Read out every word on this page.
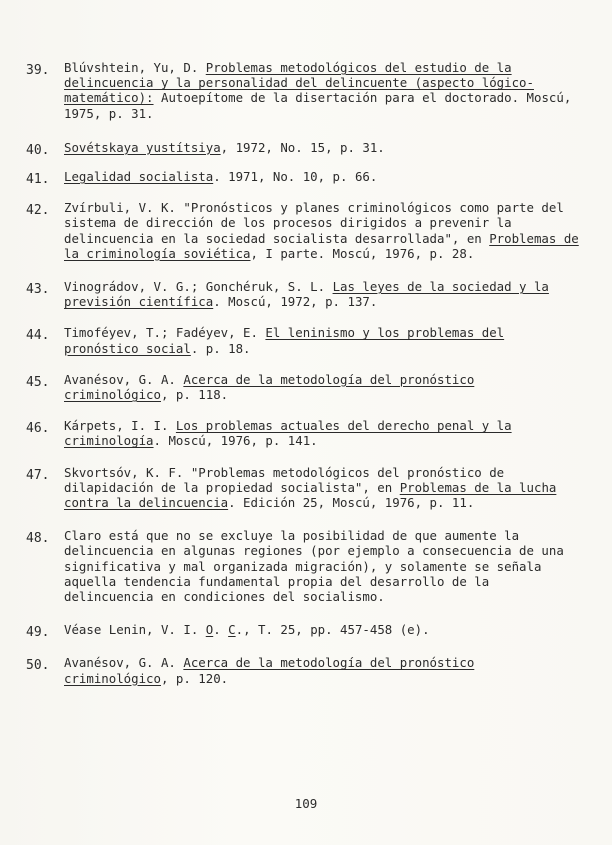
39. Blúvshtein, Yu, D. Problemas metodológicos del estudio de la delincuencia y la personalidad del delincuente (aspecto lógico-matemático): Autoepítome de la disertación para el doctorado. Moscú, 1975, p. 31.
40. Sovétskaya yustítsiya, 1972, No. 15, p. 31.
41. Legalidad socialista. 1971, No. 10, p. 66.
42. Zvírbuli, V. K. "Pronósticos y planes criminológicos como parte del sistema de dirección de los procesos dirigidos a prevenir la delincuencia en la sociedad socialista desarrollada", en Problemas de la criminología soviética, I parte. Moscú, 1976, p. 28.
43. Vinográdov, V. G.; Gonchéruk, S. L. Las leyes de la sociedad y la previsión científica. Moscú, 1972, p. 137.
44. Timoféyev, T.; Fadéyev, E. El leninismo y los problemas del pronóstico social. p. 18.
45. Avanésov, G. A. Acerca de la metodología del pronóstico criminológico, p. 118.
46. Kárpets, I. I. Los problemas actuales del derecho penal y la criminología. Moscú, 1976, p. 141.
47. Skvortsóv, K. F. "Problemas metodológicos del pronóstico de dilapidación de la propiedad socialista", en Problemas de la lucha contra la delincuencia. Edición 25, Moscú, 1976, p. 11.
48. Claro está que no se excluye la posibilidad de que aumente la delincuencia en algunas regiones (por ejemplo a consecuencia de una significativa y mal organizada migración), y solamente se señala aquella tendencia fundamental propia del desarrollo de la delincuencia en condiciones del socialismo.
49. Véase Lenin, V. I. O. C., T. 25, pp. 457-458 (e).
50. Avanésov, G. A. Acerca de la metodología del pronóstico criminológico, p. 120.
109
